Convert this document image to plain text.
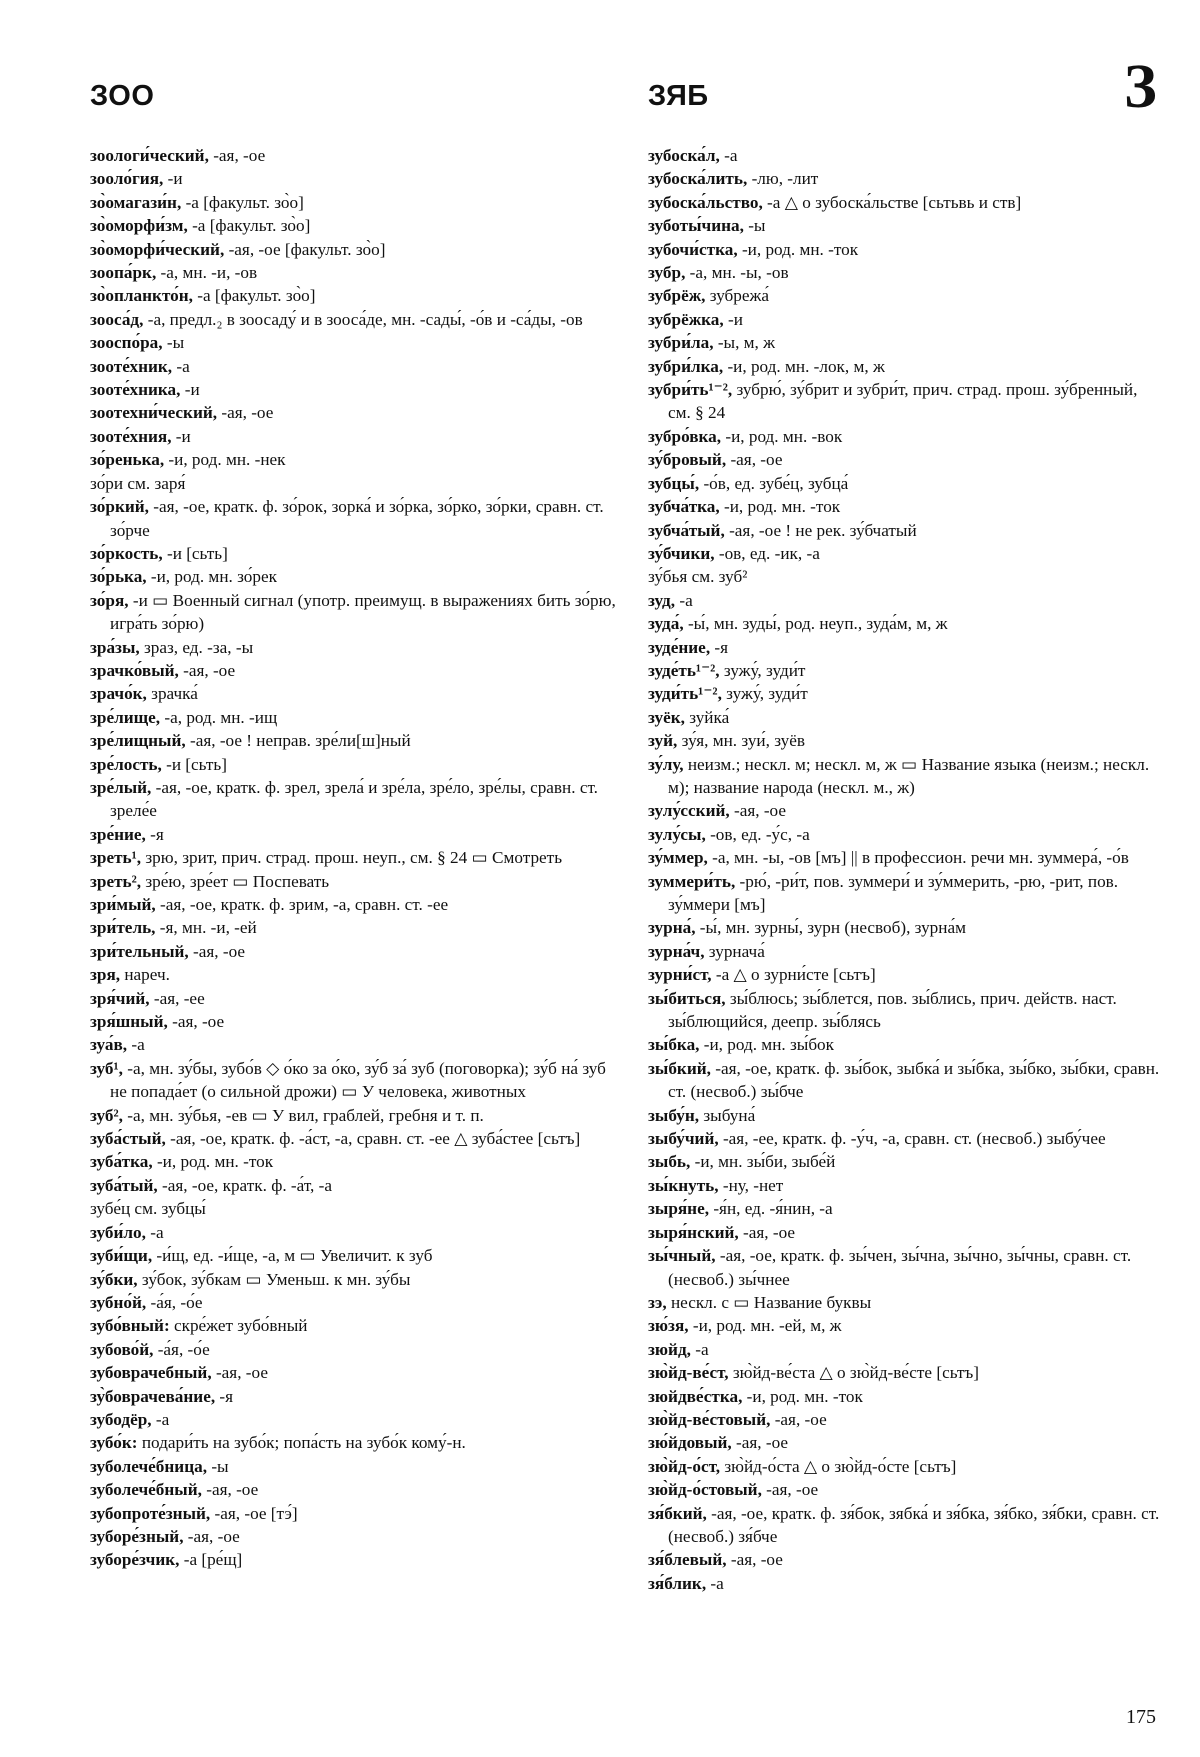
ЗОО	ЗЯБ	З
зоологи́ческий, -ая, -ое
зооло́гия, -и
зо̀омагази́н, -а [факульт. зо̀о]
зо̀оморфи́зм, -а [факульт. зо̀о]
зо̀оморфи́ческий, -ая, -ое [факульт. зо̀о]
зоопа́рк, -а, мн. -и, -ов
зо̀опланкто́н, -а [факульт. зо̀о]
зооса́д, -а, предл.₂ в зоосаду́ и в зооса́де, мн. -сады́, -о́в и -са́ды, -ов
зооспо́ра, -ы
зооте́хник, -а
зооте́хника, -и
зоотехни́ческий, -ая, -ое
зооте́хния, -и
зо́ренька, -и, род. мн. -нек
зо́ри см. заря́
зо́ркий, -ая, -ое, кратк. ф. зо́рок, зорка́ и зо́рка, зо́рко, зо́рки, сравн. ст. зо́рче
зо́ркость, -и [сьть]
зо́рька, -и, род. мн. зо́рек
зо́ря, -и ▭ Военный сигнал (употр. преимущ. в выражениях бить зо́рю, игра́ть зо́рю)
зра́зы, зраз, ед. -за, -ы
зрачко́вый, -ая, -ое
зрачо́к, зрачка́
зре́лище, -а, род. мн. -ищ
зре́лищный, -ая, -ое ! неправ. зре́ли[ш]ный
зре́лость, -и [сьть]
зре́лый, -ая, -ое, кратк. ф. зрел, зрела́ и зре́ла, зре́ло, зре́лы, сравн. ст. зреле́е
зре́ние, -я
зреть¹, зрю, зрит, прич. страд. прош. неуп., см. § 24 ▭ Смотреть
зреть², зре́ю, зре́ет ▭ Поспевать
зри́мый, -ая, -ое, кратк. ф. зрим, -а, сравн. ст. -ее
зри́тель, -я, мн. -и, -ей
зри́тельный, -ая, -ое
зря, нареч.
зря́чий, -ая, -ее
зря́шный, -ая, -ое
зуа́в, -а
зуб¹, -а, мн. зу́бы, зубо́в ◇ о́ко за о́ко, зу́б за́ зуб (поговорка); зу́б на́ зуб не попада́ет (о сильной дрожи) ▭ У человека, животных
зуб², -а, мн. зу́бья, -ев ▭ У вил, граблей, гребня и т. п.
зуба́стый, -ая, -ое, кратк. ф. -а́ст, -а, сравн. ст. -ее △ зуба́стее [сьтъ]
зуба́тка, -и, род. мн. -ток
зуба́тый, -ая, -ое, кратк. ф. -а́т, -а
зубе́ц см. зубцы́
зуби́ло, -а
зуби́щи, -и́щ, ед. -и́ще, -а, м ▭ Увеличит. к зуб
зу́бки, зу́бок, зу́бкам ▭ Уменьш. к мн. зу́бы
зубно́й, -а́я, -о́е
зубо́вный: скре́жет зубо́вный
зубово́й, -а́я, -о́е
зубоврачебный, -ая, -ое
зу̀боврачева́ние, -я
зубодёр, -а
зубо́к: подари́ть на зубо́к; попа́сть на зубо́к кому́-н.
зуболече́бница, -ы
зуболече́бный, -ая, -ое
зубопроте́зный, -ая, -ое [тэ́]
зубоpе́зный, -ая, -ое
зубоpе́зчик, -а [ре́щ]
зубоска́л, -а
зубоска́лить, -лю, -лит
зубоска́льство, -а △ о зубоска́льстве [сьтьвь и ств]
зуботы́чина, -ы
зубочи́стка, -и, род. мн. -ток
зубр, -а, мн. -ы, -ов
зубрёж, зубрежа́
зубрёжка, -и
зубри́ла, -ы, м, ж
зубри́лка, -и, род. мн. -лок, м, ж
зубри́ть¹⁻², зубрю́, зу́брит и зубри́т, прич. страд. прош. зу́бренный, см. § 24
зубро́вка, -и, род. мн. -вок
зу́бровый, -ая, -ое
зубцы́, -о́в, ед. зубе́ц, зубца́
зубча́тка, -и, род. мн. -ток
зубча́тый, -ая, -ое ! не рек. зу́бчатый
зу́бчики, -ов, ед. -ик, -а
зу́бья см. зуб²
зуд, -а
зуда́, -ы́, мн. зуды́, род. неуп., зуда́м, м, ж
зуде́ние, -я
зуде́ть¹⁻², зужу́, зуди́т
зуди́ть¹⁻², зужу́, зуди́т
зуёк, зуйка́
зуй, зу́я, мн. зуи́, зуёв
зу́лу, неизм.; нескл. м; нескл. м, ж ▭ Название языка (неизм.; нескл. м); название народа (нескл. м., ж)
зулу́сский, -ая, -ое
зулу́сы, -ов, ед. -у́с, -а
зу́ммер, -а, мн. -ы, -ов [мъ] || в профессион. речи мн. зуммера́, -о́в
зуммери́ть, -рю́, -ри́т, пов. зуммери́ и зу́ммерить, -рю, -рит, пов. зу́ммери [мъ]
зурна́, -ы́, мн. зурны́, зурн (несвоб), зурна́м
зурна́ч, зурнача́
зурни́ст, -а △ о зурни́сте [сьтъ]
зы́биться, зы́блюсь; зы́блется, пов. зы́блись, прич. действ. наст. зы́блющийся, деепр. зы́блясь
зы́бка, -и, род. мн. зы́бок
зы́бкий, -ая, -ое, кратк. ф. зы́бок, зыбка́ и зы́бка, зы́бко, зы́бки, сравн. ст. (несвоб.) зы́бче
зыбу́н, зыбуна́
зыбу́чий, -ая, -ее, кратк. ф. -у́ч, -а, сравн. ст. (несвоб.) зыбу́чее
зыбь, -и, мн. зы́би, зыбе́й
зы́кнуть, -ну, -нет
зыря́не, -я́н, ед. -я́нин, -а
зыря́нский, -ая, -ое
зы́чный, -ая, -ое, кратк. ф. зы́чен, зы́чна, зы́чно, зы́чны, сравн. ст. (несвоб.) зы́чнее
зэ, нескл. с ▭ Название буквы
зю́зя, -и, род. мн. -ей, м, ж
зюйд, -а
зю̀йд-ве́ст, зю̀йд-ве́ста △ о зю̀йд-ве́сте [сьтъ]
зюйдве́стка, -и, род. мн. -ток
зю̀йд-ве́стовый, -ая, -ое
зю́йдовый, -ая, -ое
зю̀йд-о́ст, зю̀йд-о́ста △ о зю̀йд-о́сте [сьтъ]
зю̀йд-о́стовый, -ая, -ое
зя́бкий, -ая, -ое, кратк. ф. зя́бок, зябка́ и зя́бка, зя́бко, зя́бки, сравн. ст. (несвоб.) зя́бче
зя́блевый, -ая, -ое
зя́блик, -а
175
